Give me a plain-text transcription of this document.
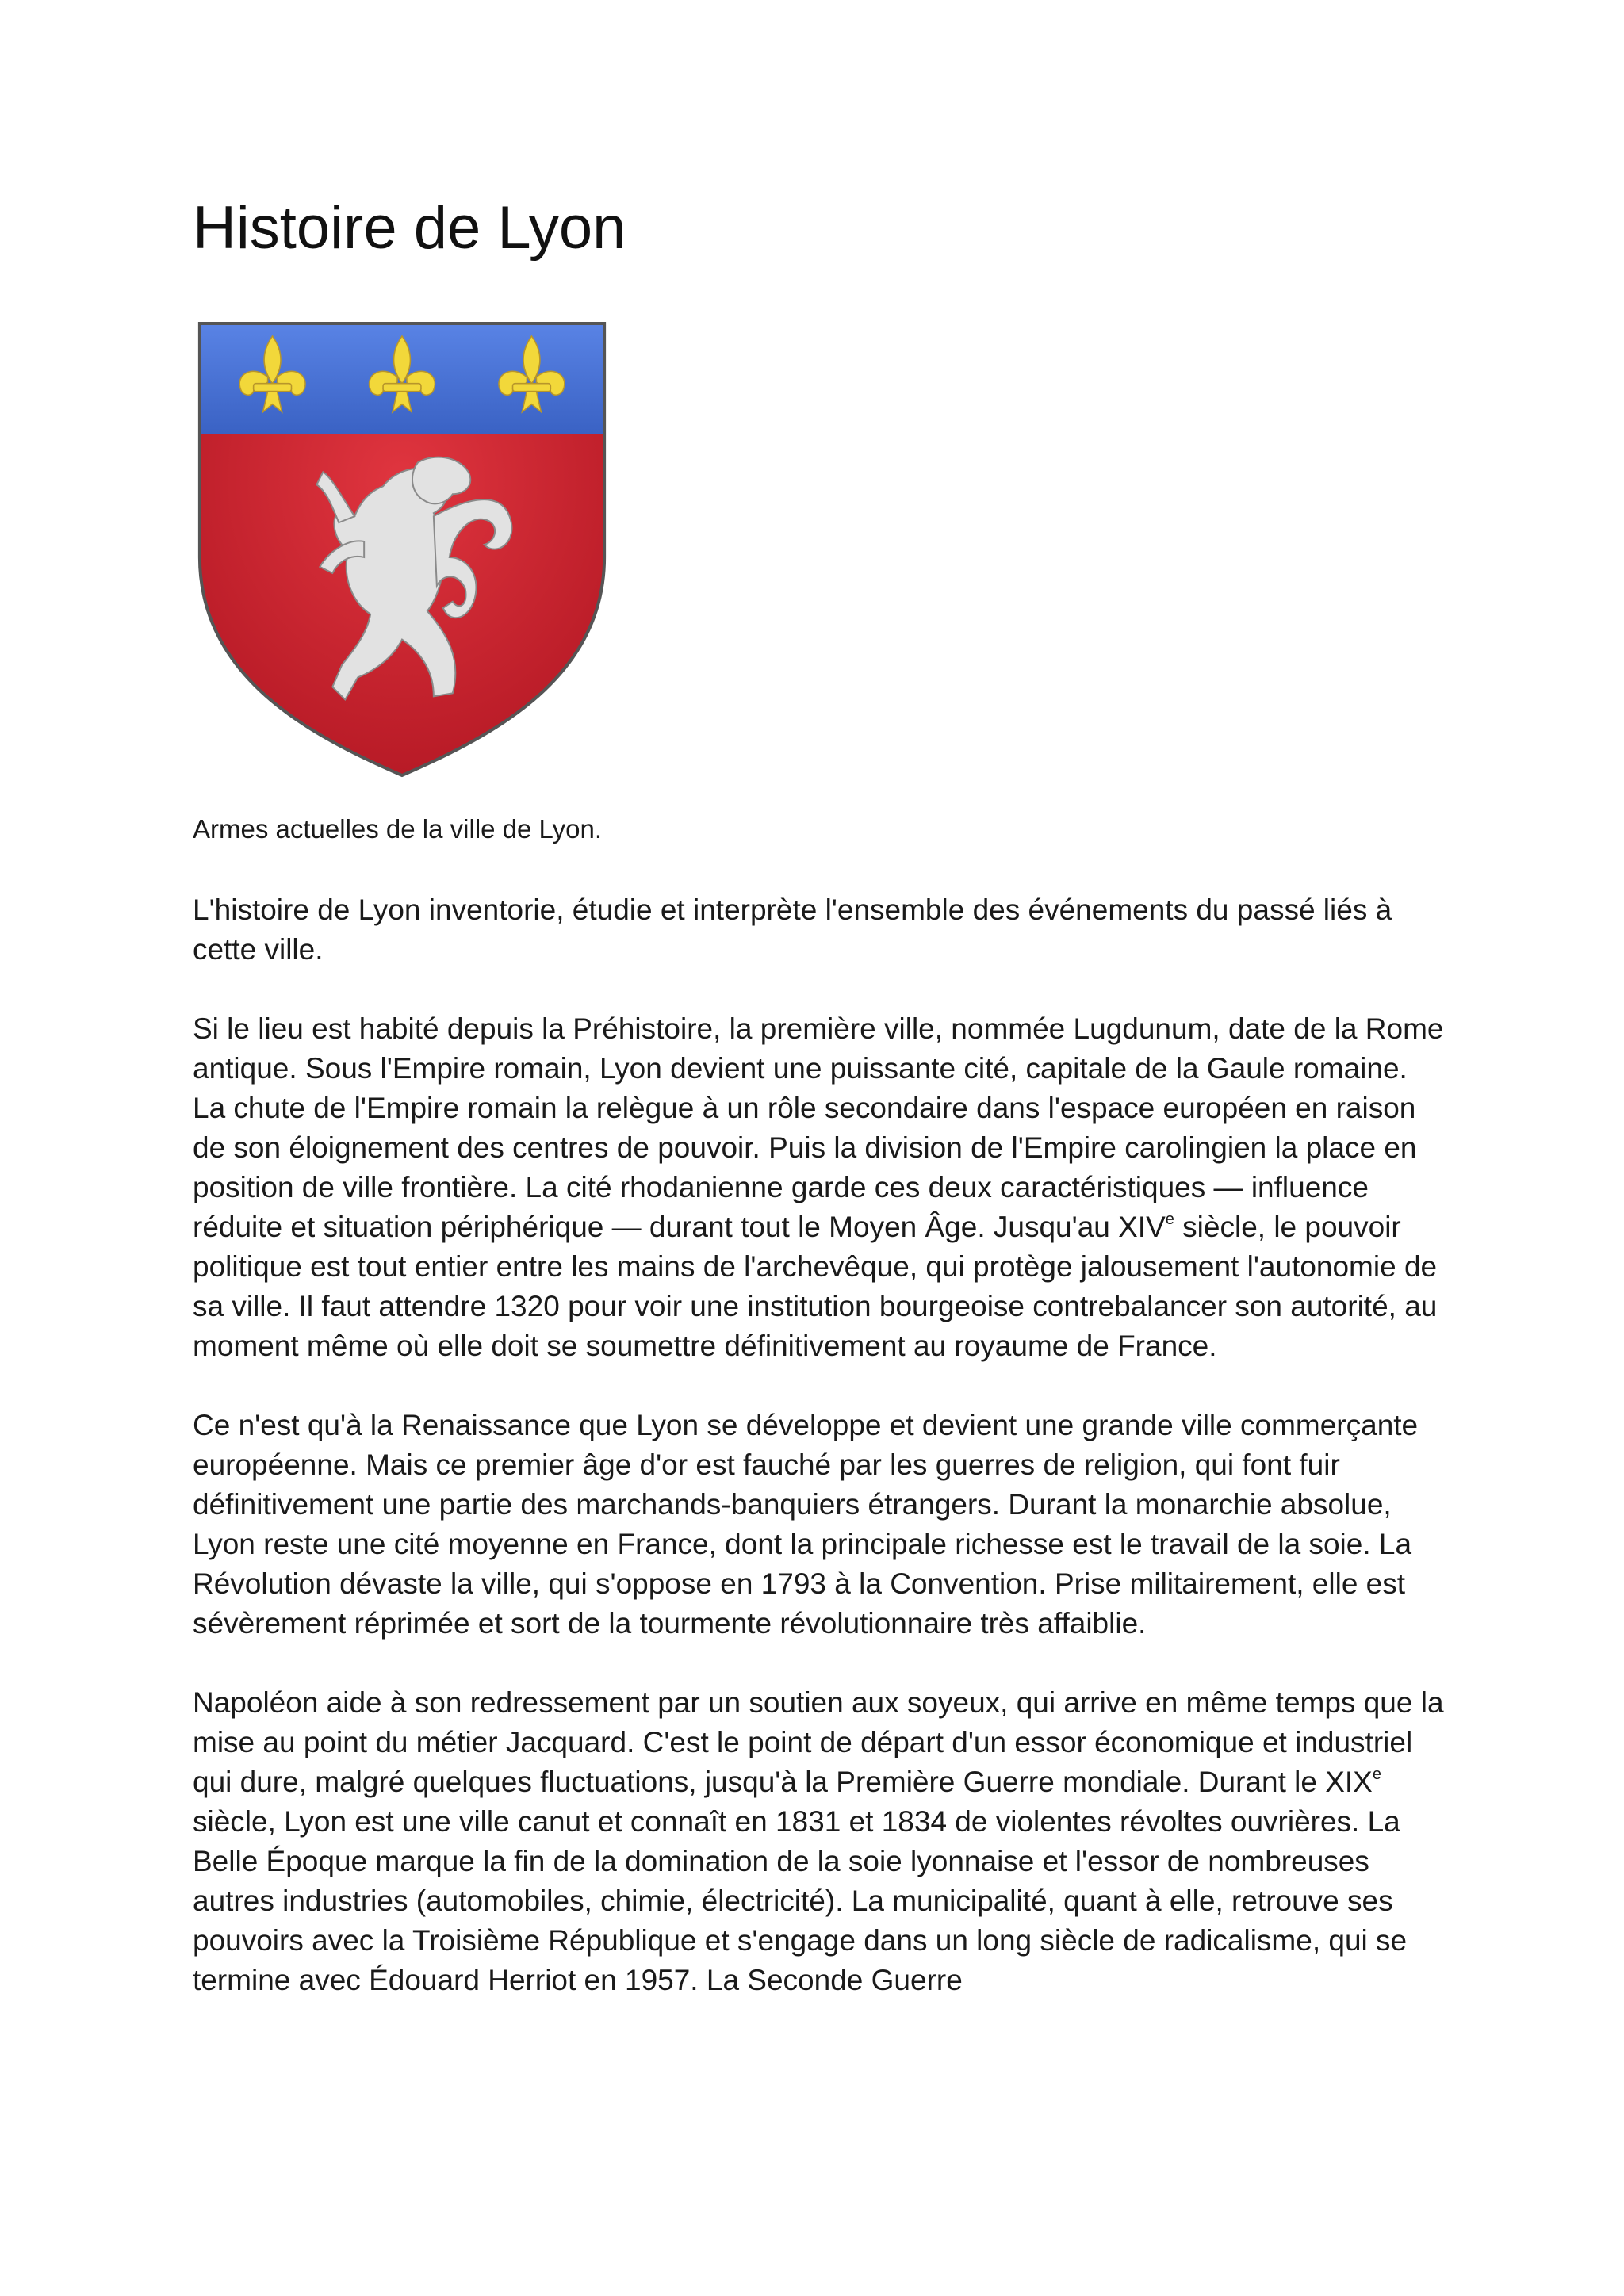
Histoire de Lyon
Armes actuelles de la ville de Lyon.

L'histoire de Lyon inventorie, étudie et interprète l'ensemble des événements du passé liés à cette ville.

Si le lieu est habité depuis la Préhistoire, la première ville, nommée Lugdunum, date de la Rome antique. Sous l'Empire romain, Lyon devient une puissante cité, capitale de la Gaule romaine. La chute de l'Empire romain la relègue à un rôle secondaire dans l'espace européen en raison de son éloignement des centres de pouvoir. Puis la division de l'Empire carolingien la place en position de ville frontière. La cité rhodanienne garde ces deux caractéristiques — influence réduite et situation périphérique — durant tout le Moyen Âge. Jusqu'au XIVe siècle, le pouvoir politique est tout entier entre les mains de l'archevêque, qui protège jalousement l'autonomie de sa ville. Il faut attendre 1320 pour voir une institution bourgeoise contrebalancer son autorité, au moment même où elle doit se soumettre définitivement au royaume de France.

Ce n'est qu'à la Renaissance que Lyon se développe et devient une grande ville commerçante européenne. Mais ce premier âge d'or est fauché par les guerres de religion, qui font fuir définitivement une partie des marchands-banquiers étrangers. Durant la monarchie absolue, Lyon reste une cité moyenne en France, dont la principale richesse est le travail de la soie. La Révolution dévaste la ville, qui s'oppose en 1793 à la Convention. Prise militairement, elle est sévèrement réprimée et sort de la tourmente révolutionnaire très affaiblie.

Napoléon aide à son redressement par un soutien aux soyeux, qui arrive en même temps que la mise au point du métier Jacquard. C'est le point de départ d'un essor économique et industriel qui dure, malgré quelques fluctuations, jusqu'à la Première Guerre mondiale. Durant le XIXe siècle, Lyon est une ville canut et connaît en 1831 et 1834 de violentes révoltes ouvrières. La Belle Époque marque la fin de la domination de la soie lyonnaise et l'essor de nombreuses autres industries (automobiles, chimie, électricité). La municipalité, quant à elle, retrouve ses pouvoirs avec la Troisième République et s'engage dans un long siècle de radicalisme, qui se termine avec Édouard Herriot en 1957. La Seconde Guerre
